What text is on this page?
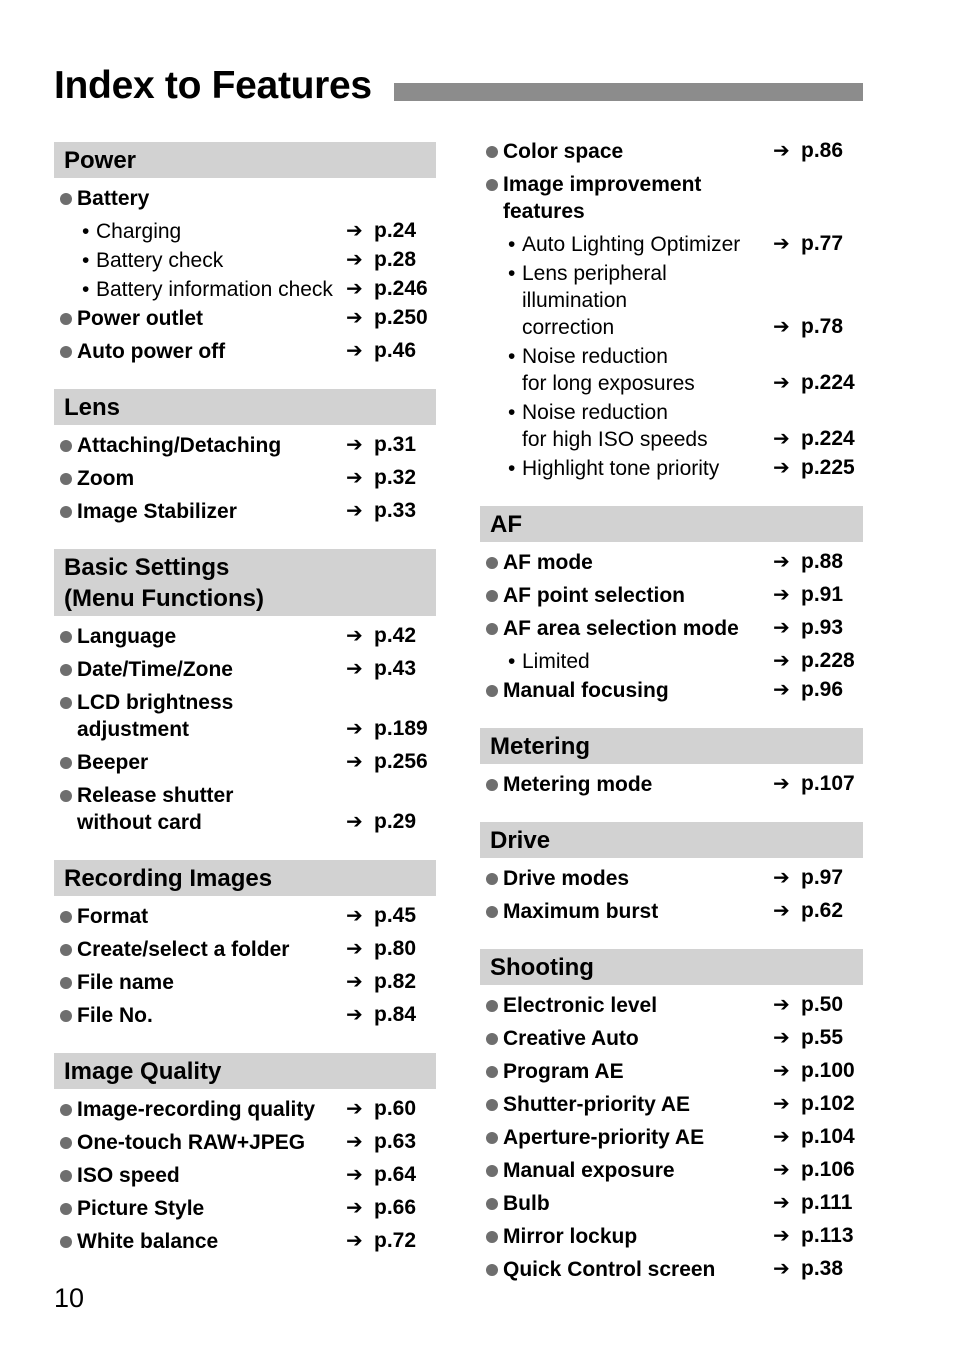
Index to Features
Power
Battery
• Charging	➔ p.24
• Battery check	➔ p.28
• Battery information check ➔ p.246
Power outlet	➔ p.250
Auto power off	➔ p.46
Lens
Attaching/Detaching	➔ p.31
Zoom	➔ p.32
Image Stabilizer	➔ p.33
Basic Settings
(Menu Functions)
Language	➔ p.42
Date/Time/Zone	➔ p.43
LCD brightness
adjustment	➔ p.189
Beeper	➔ p.256
Release shutter
without card	➔ p.29
Recording Images
Format	➔ p.45
Create/select a folder	➔ p.80
File name	➔ p.82
File No.	➔ p.84
Image Quality
Image-recording quality	➔ p.60
One-touch RAW+JPEG	➔ p.63
ISO speed	➔ p.64
Picture Style	➔ p.66
White balance	➔ p.72
Color space	➔ p.86
Image improvement features
• Auto Lighting Optimizer	➔ p.77
• Lens peripheral illumination
correction	➔ p.78
• Noise reduction
for long exposures	➔ p.224
• Noise reduction
for high ISO speeds	➔ p.224
• Highlight tone priority	➔ p.225
AF
AF mode	➔ p.88
AF point selection	➔ p.91
AF area selection mode	➔ p.93
• Limited	➔ p.228
Manual focusing	➔ p.96
Metering
Metering mode	➔ p.107
Drive
Drive modes	➔ p.97
Maximum burst	➔ p.62
Shooting
Electronic level	➔ p.50
Creative Auto	➔ p.55
Program AE	➔ p.100
Shutter-priority AE	➔ p.102
Aperture-priority AE	➔ p.104
Manual exposure	➔ p.106
Bulb	➔ p.111
Mirror lockup	➔ p.113
Quick Control screen	➔ p.38
10
